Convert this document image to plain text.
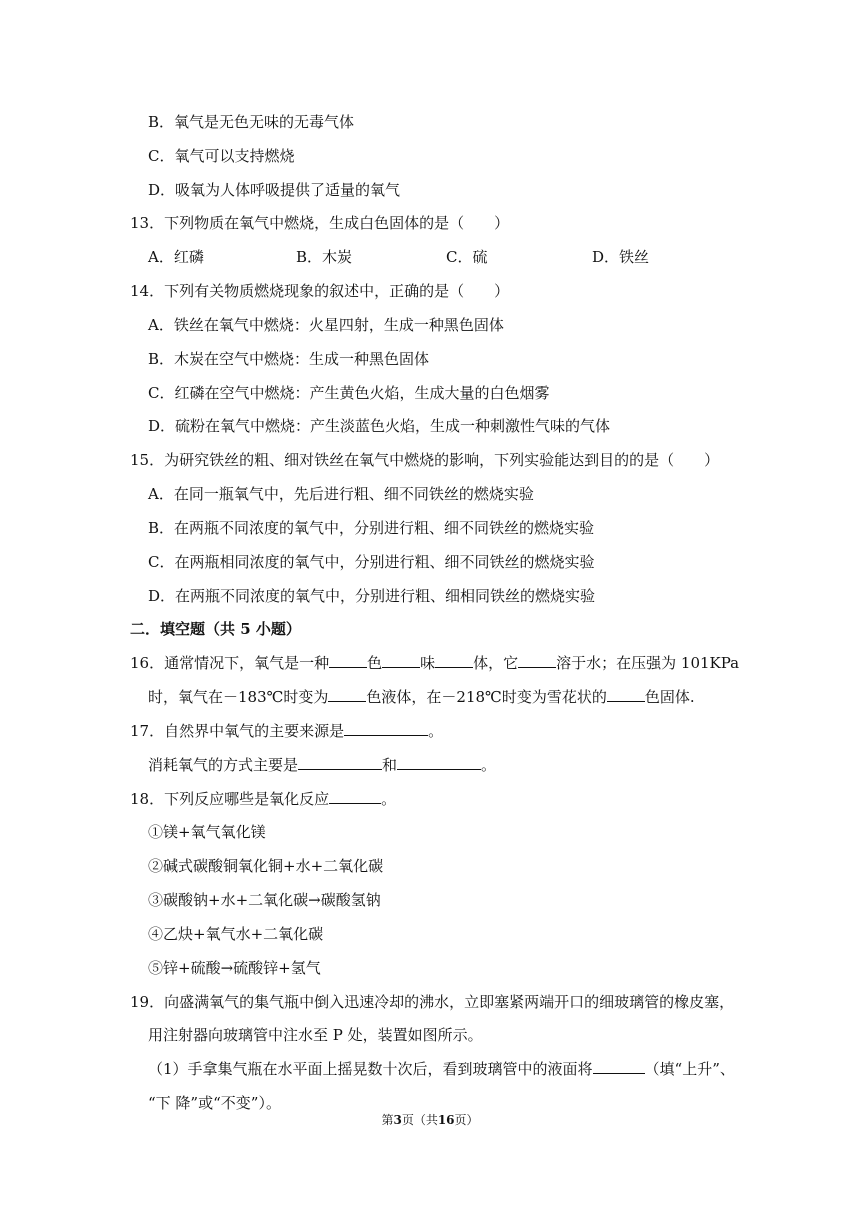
B．氧气是无色无味的无毒气体
C．氧气可以支持燃烧
D．吸氧为人体呼吸提供了适量的氧气
13．下列物质在氧气中燃烧，生成白色固体的是（　　）
A．红磷	B．木炭	C．硫	D．铁丝
14．下列有关物质燃烧现象的叙述中，正确的是（　　）
A．铁丝在氧气中燃烧：火星四射，生成一种黑色固体
B．木炭在空气中燃烧：生成一种黑色固体
C．红磷在空气中燃烧：产生黄色火焰，生成大量的白色烟雾
D．硫粉在氧气中燃烧：产生淡蓝色火焰，生成一种刺激性气味的气体
15．为研究铁丝的粗、细对铁丝在氧气中燃烧的影响，下列实验能达到目的的是（　　）
A．在同一瓶氧气中，先后进行粗、细不同铁丝的燃烧实验
B．在两瓶不同浓度的氧气中，分别进行粗、细不同铁丝的燃烧实验
C．在两瓶相同浓度的氧气中，分别进行粗、细不同铁丝的燃烧实验
D．在两瓶不同浓度的氧气中，分别进行粗、细相同铁丝的燃烧实验
二．填空题（共 5 小题）
16．通常情况下，氧气是一种	色	味	体，它	溶于水；在压强为 101KPa
时，氧气在－183℃时变为	色液体，在－218℃时变为雪花状的	色固体.
17．自然界中氧气的主要来源是	。
消耗氧气的方式主要是	和	。
18．下列反应哪些是氧化反应	。
①镁+氧气氧化镁
②碱式碳酸铜氧化铜+水+二氧化碳
③碳酸钠+水+二氧化碳→碳酸氢钠
④乙炔+氧气水+二氧化碳
⑤锌+硫酸→硫酸锌+氢气
19．向盛满氧气的集气瓶中倒入迅速冷却的沸水，立即塞紧两端开口的细玻璃管的橡皮塞，
用注射器向玻璃管中注水至 P 处，装置如图所示。
（1）手拿集气瓶在水平面上摇晃数十次后，看到玻璃管中的液面将	（填“上升”、
“下 降”或“不变”）。
第3页（共16页）
